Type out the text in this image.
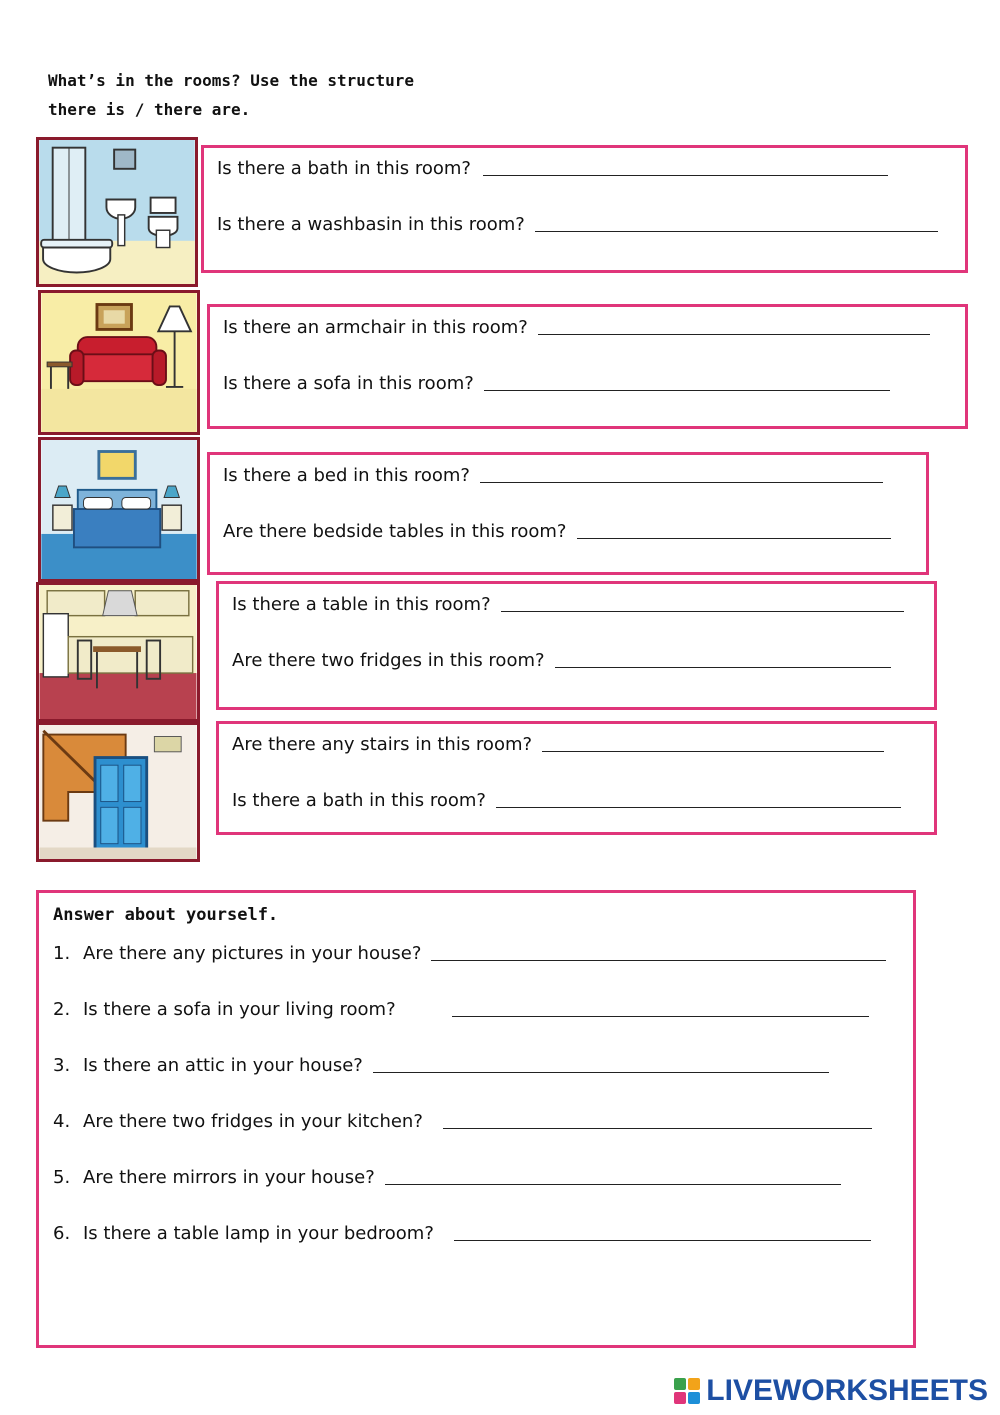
What’s in the rooms? Use the structure
there is / there are.
Is there a bath in this room?
Is there a washbasin in this room?
Is there an armchair in this room?
Is there a sofa in this room?
Is there a bed in this room?
Are there bedside tables in this room?
Is there a table in this room?
Are there two fridges in this room?
Are there any stairs in this room?
Is there a bath in this room?
Answer about yourself.
1. Are there any pictures in your house?
2. Is there a sofa in your living room?
3. Is there an attic in your house?
4. Are there two fridges in your kitchen?
5. Are there mirrors in your house?
6. Is there a table lamp in your bedroom?
LIVEWORKSHEETS
